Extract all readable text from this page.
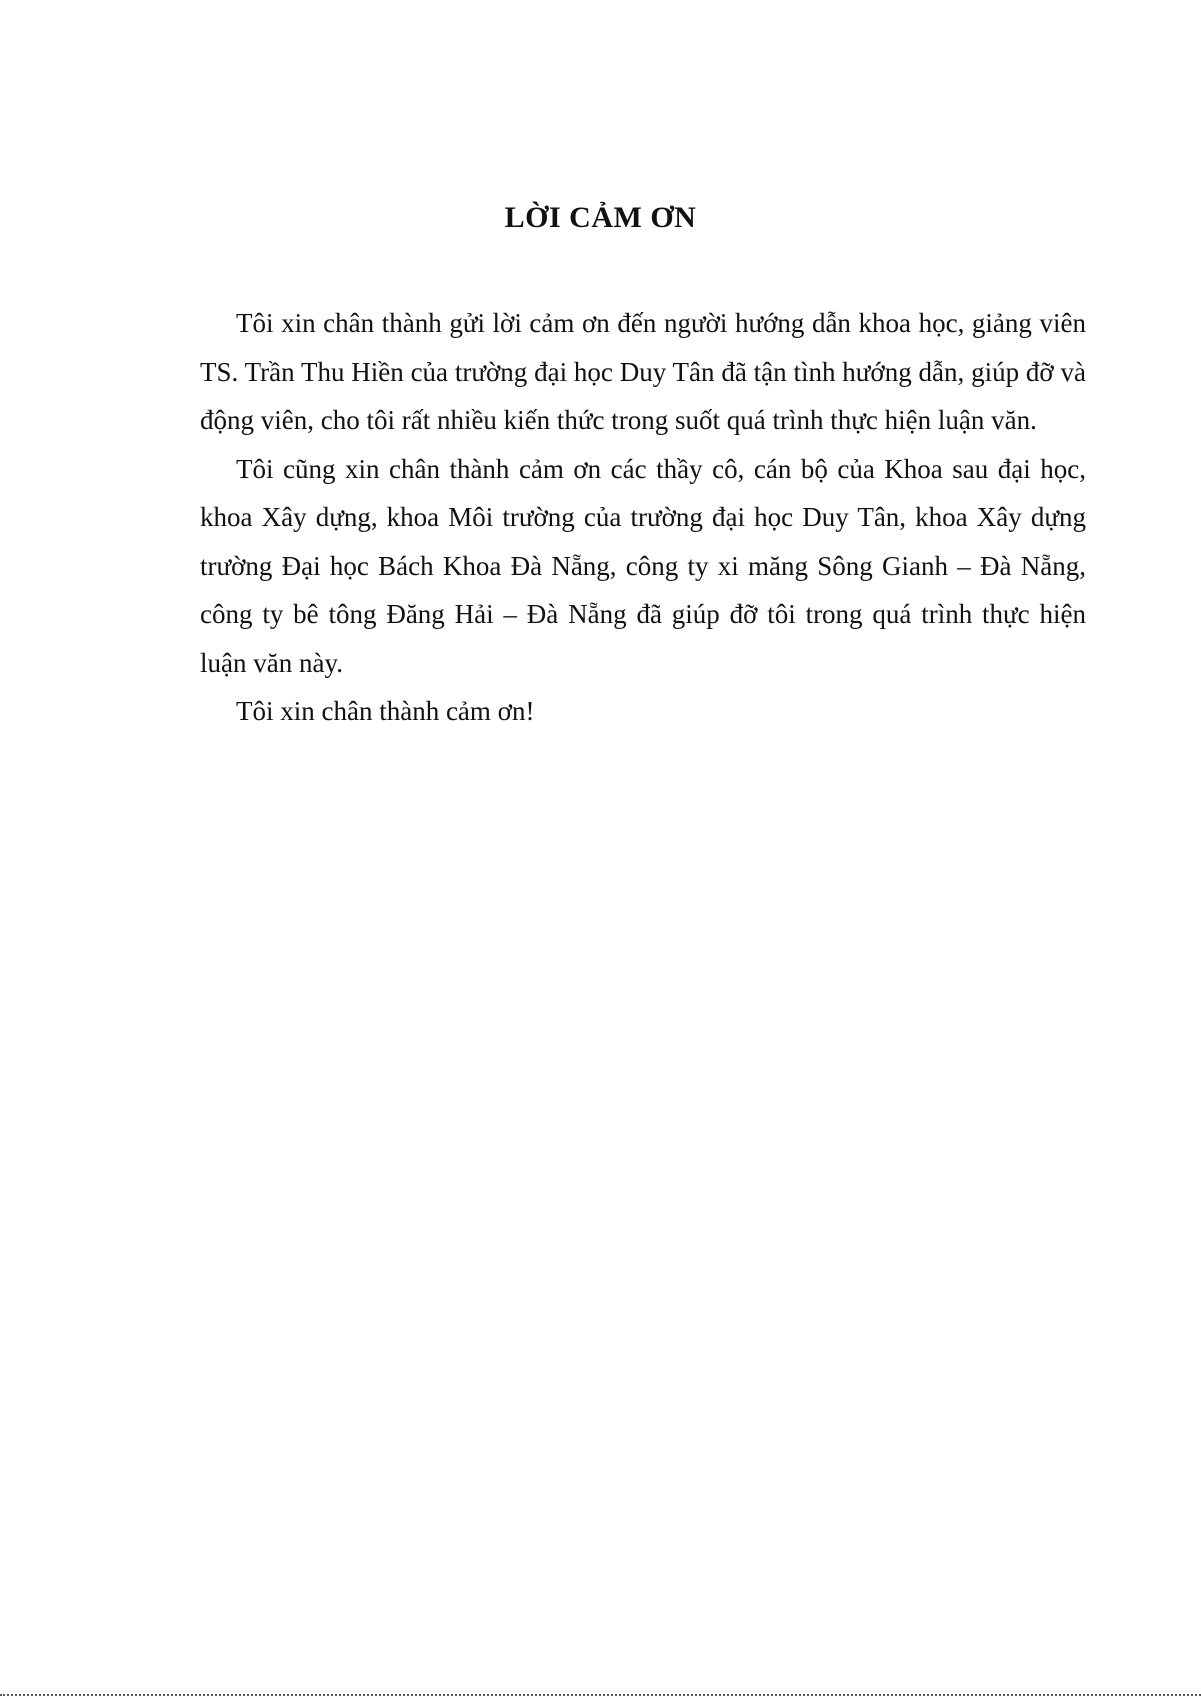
LỜI CẢM ƠN

Tôi xin chân thành gửi lời cảm ơn đến người hướng dẫn khoa học, giảng viên TS. Trần Thu Hiền của trường đại học Duy Tân đã tận tình hướng dẫn, giúp đỡ và động viên, cho tôi rất nhiều kiến thức trong suốt quá trình thực hiện luận văn.

Tôi cũng xin chân thành cảm ơn các thầy cô, cán bộ của Khoa sau đại học, khoa Xây dựng, khoa Môi trường của trường đại học Duy Tân, khoa Xây dựng trường Đại học Bách Khoa Đà Nẵng, công ty xi măng Sông Gianh – Đà Nẵng, công ty bê tông Đăng Hải – Đà Nẵng đã giúp đỡ tôi trong quá trình thực hiện luận văn này.

Tôi xin chân thành cảm ơn!
